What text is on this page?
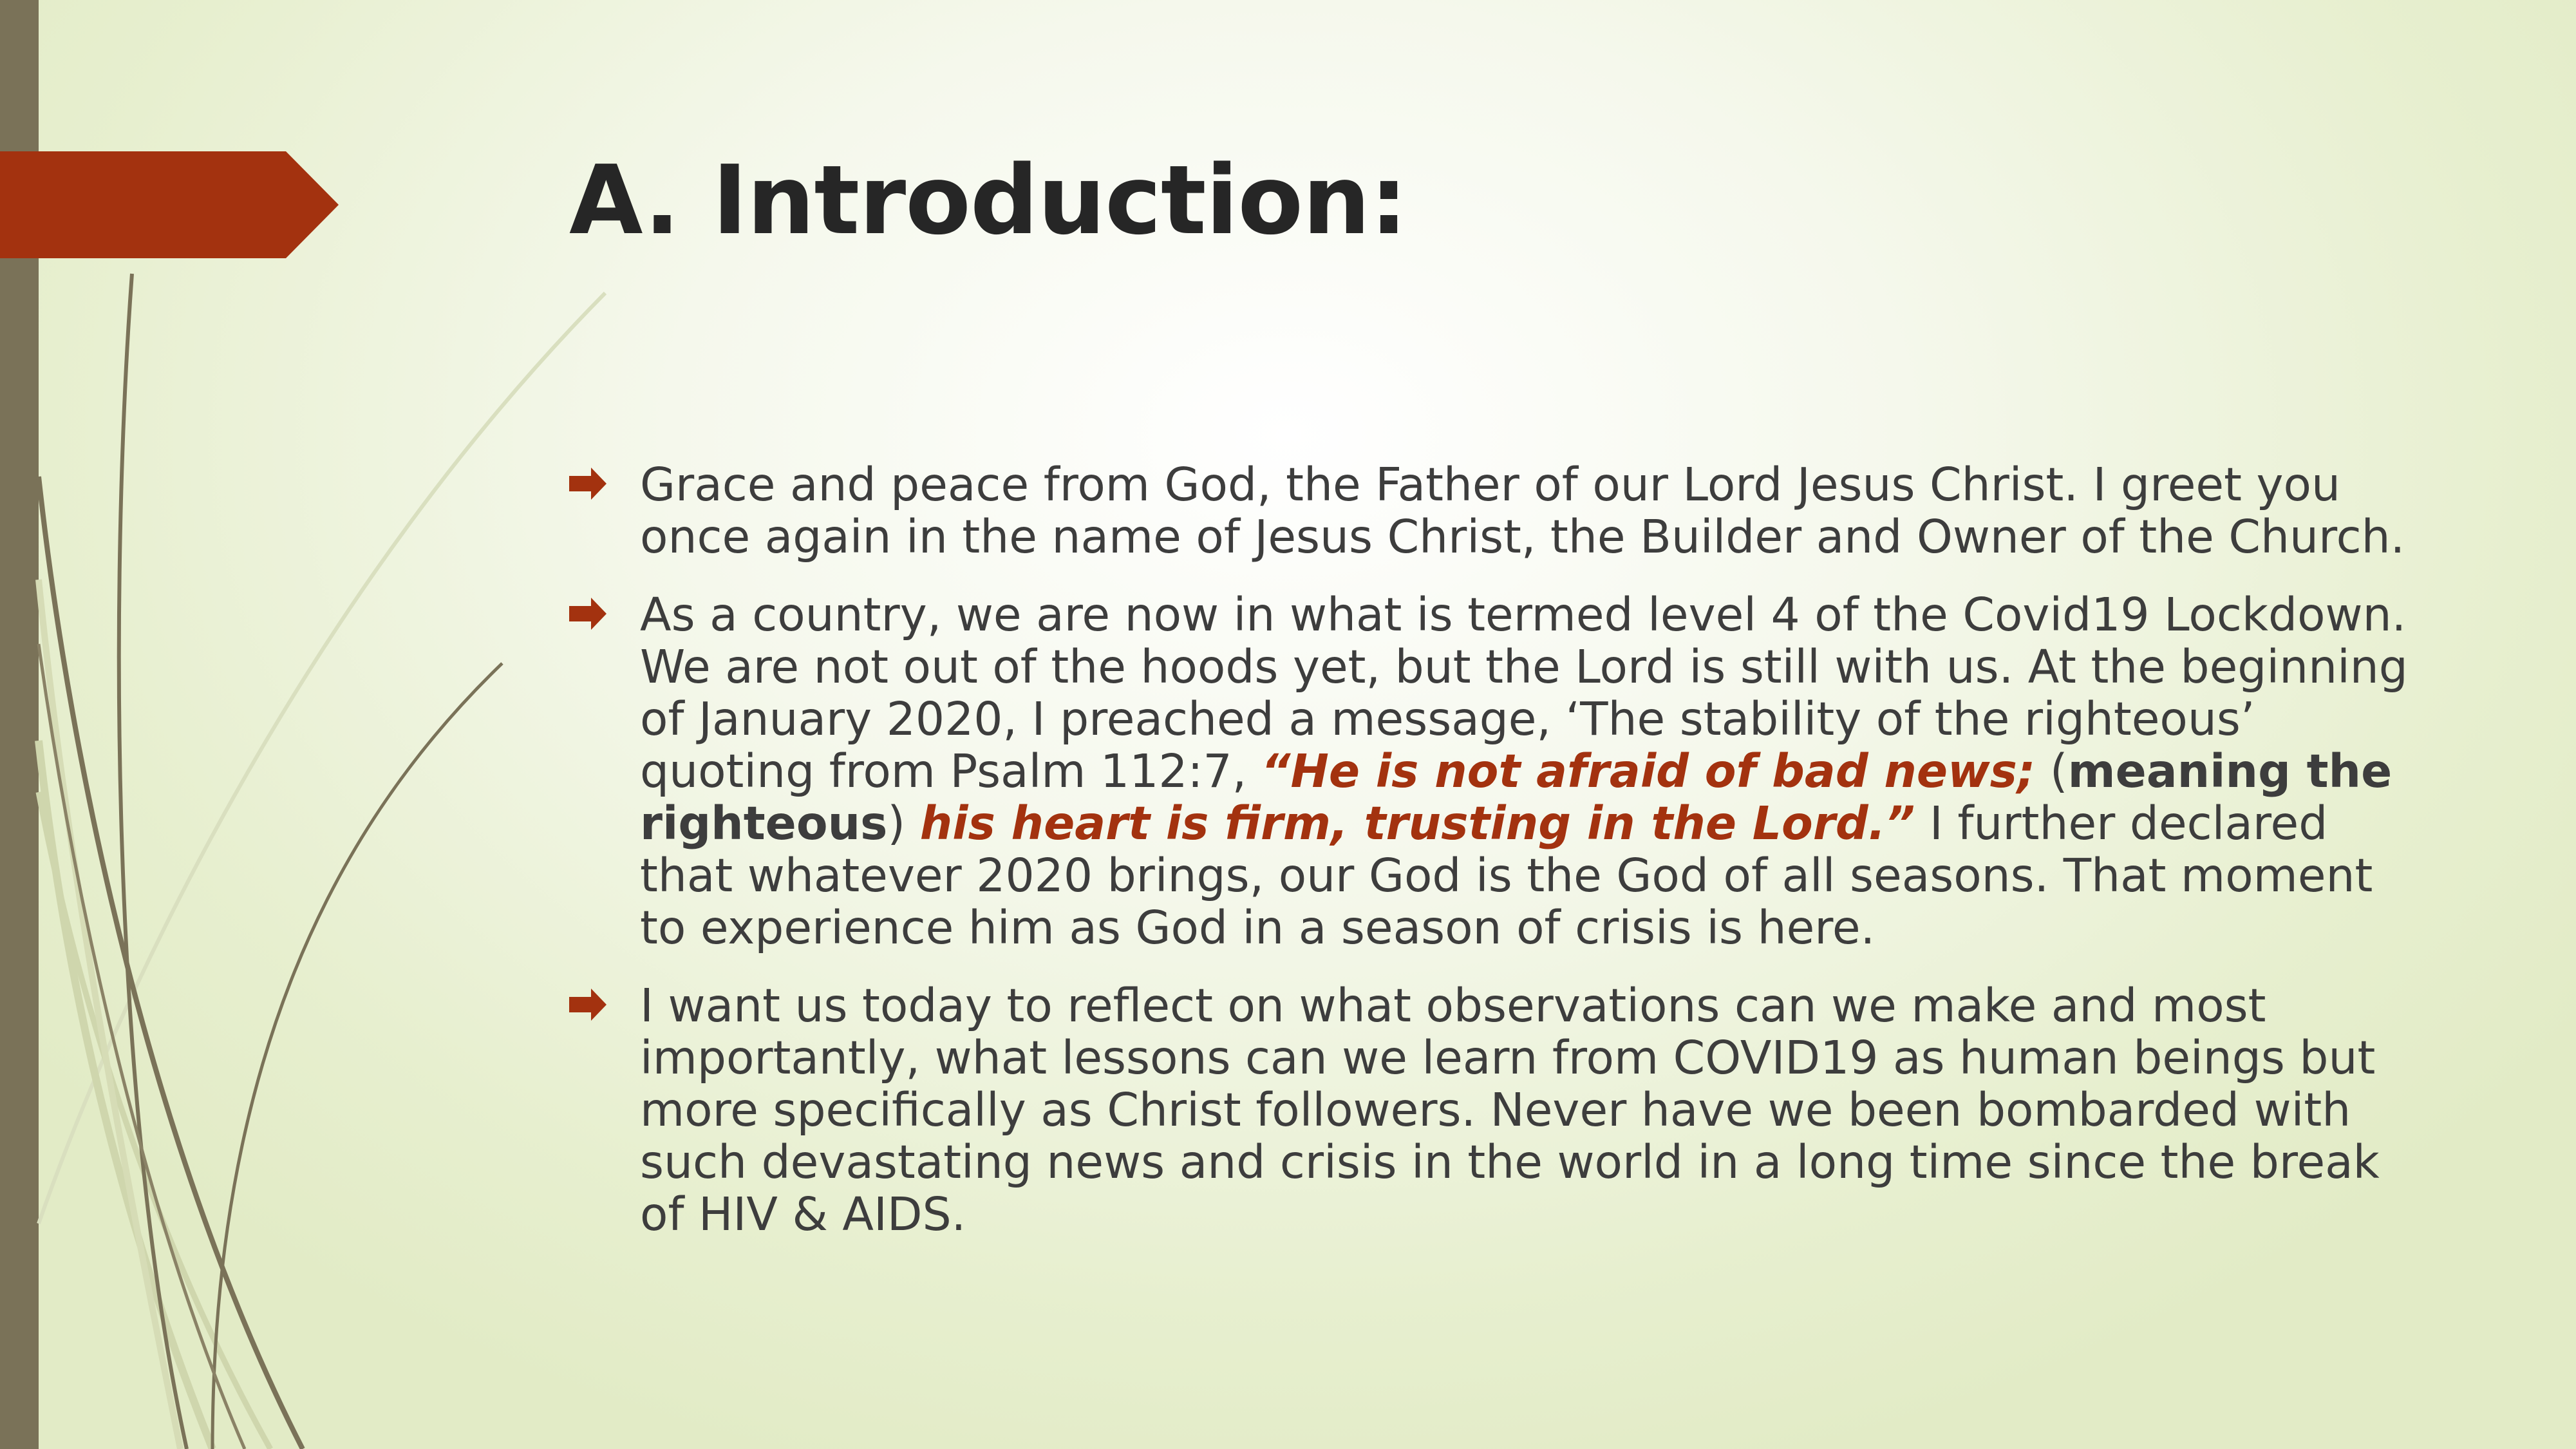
A. Introduction:
Grace and peace from God, the Father of our Lord Jesus Christ. I greet you once again in the name of Jesus Christ, the Builder and Owner of the Church.
As a country, we are now in what is termed level 4 of the Covid19 Lockdown. We are not out of the hoods yet, but the Lord is still with us. At the beginning of January 2020, I preached a message, ‘The stability of the righteous’ quoting from Psalm 112:7, “He is not afraid of bad news; (meaning the righteous) his heart is firm, trusting in the Lord.” I further declared that whatever 2020 brings, our God is the God of all seasons. That moment to experience him as God in a season of crisis is here.
I want us today to reflect on what observations can we make and most importantly, what lessons can we learn from COVID19 as human beings but more specifically as Christ followers. Never have we been bombarded with such devastating news and crisis in the world in a long time since the break of HIV & AIDS.
